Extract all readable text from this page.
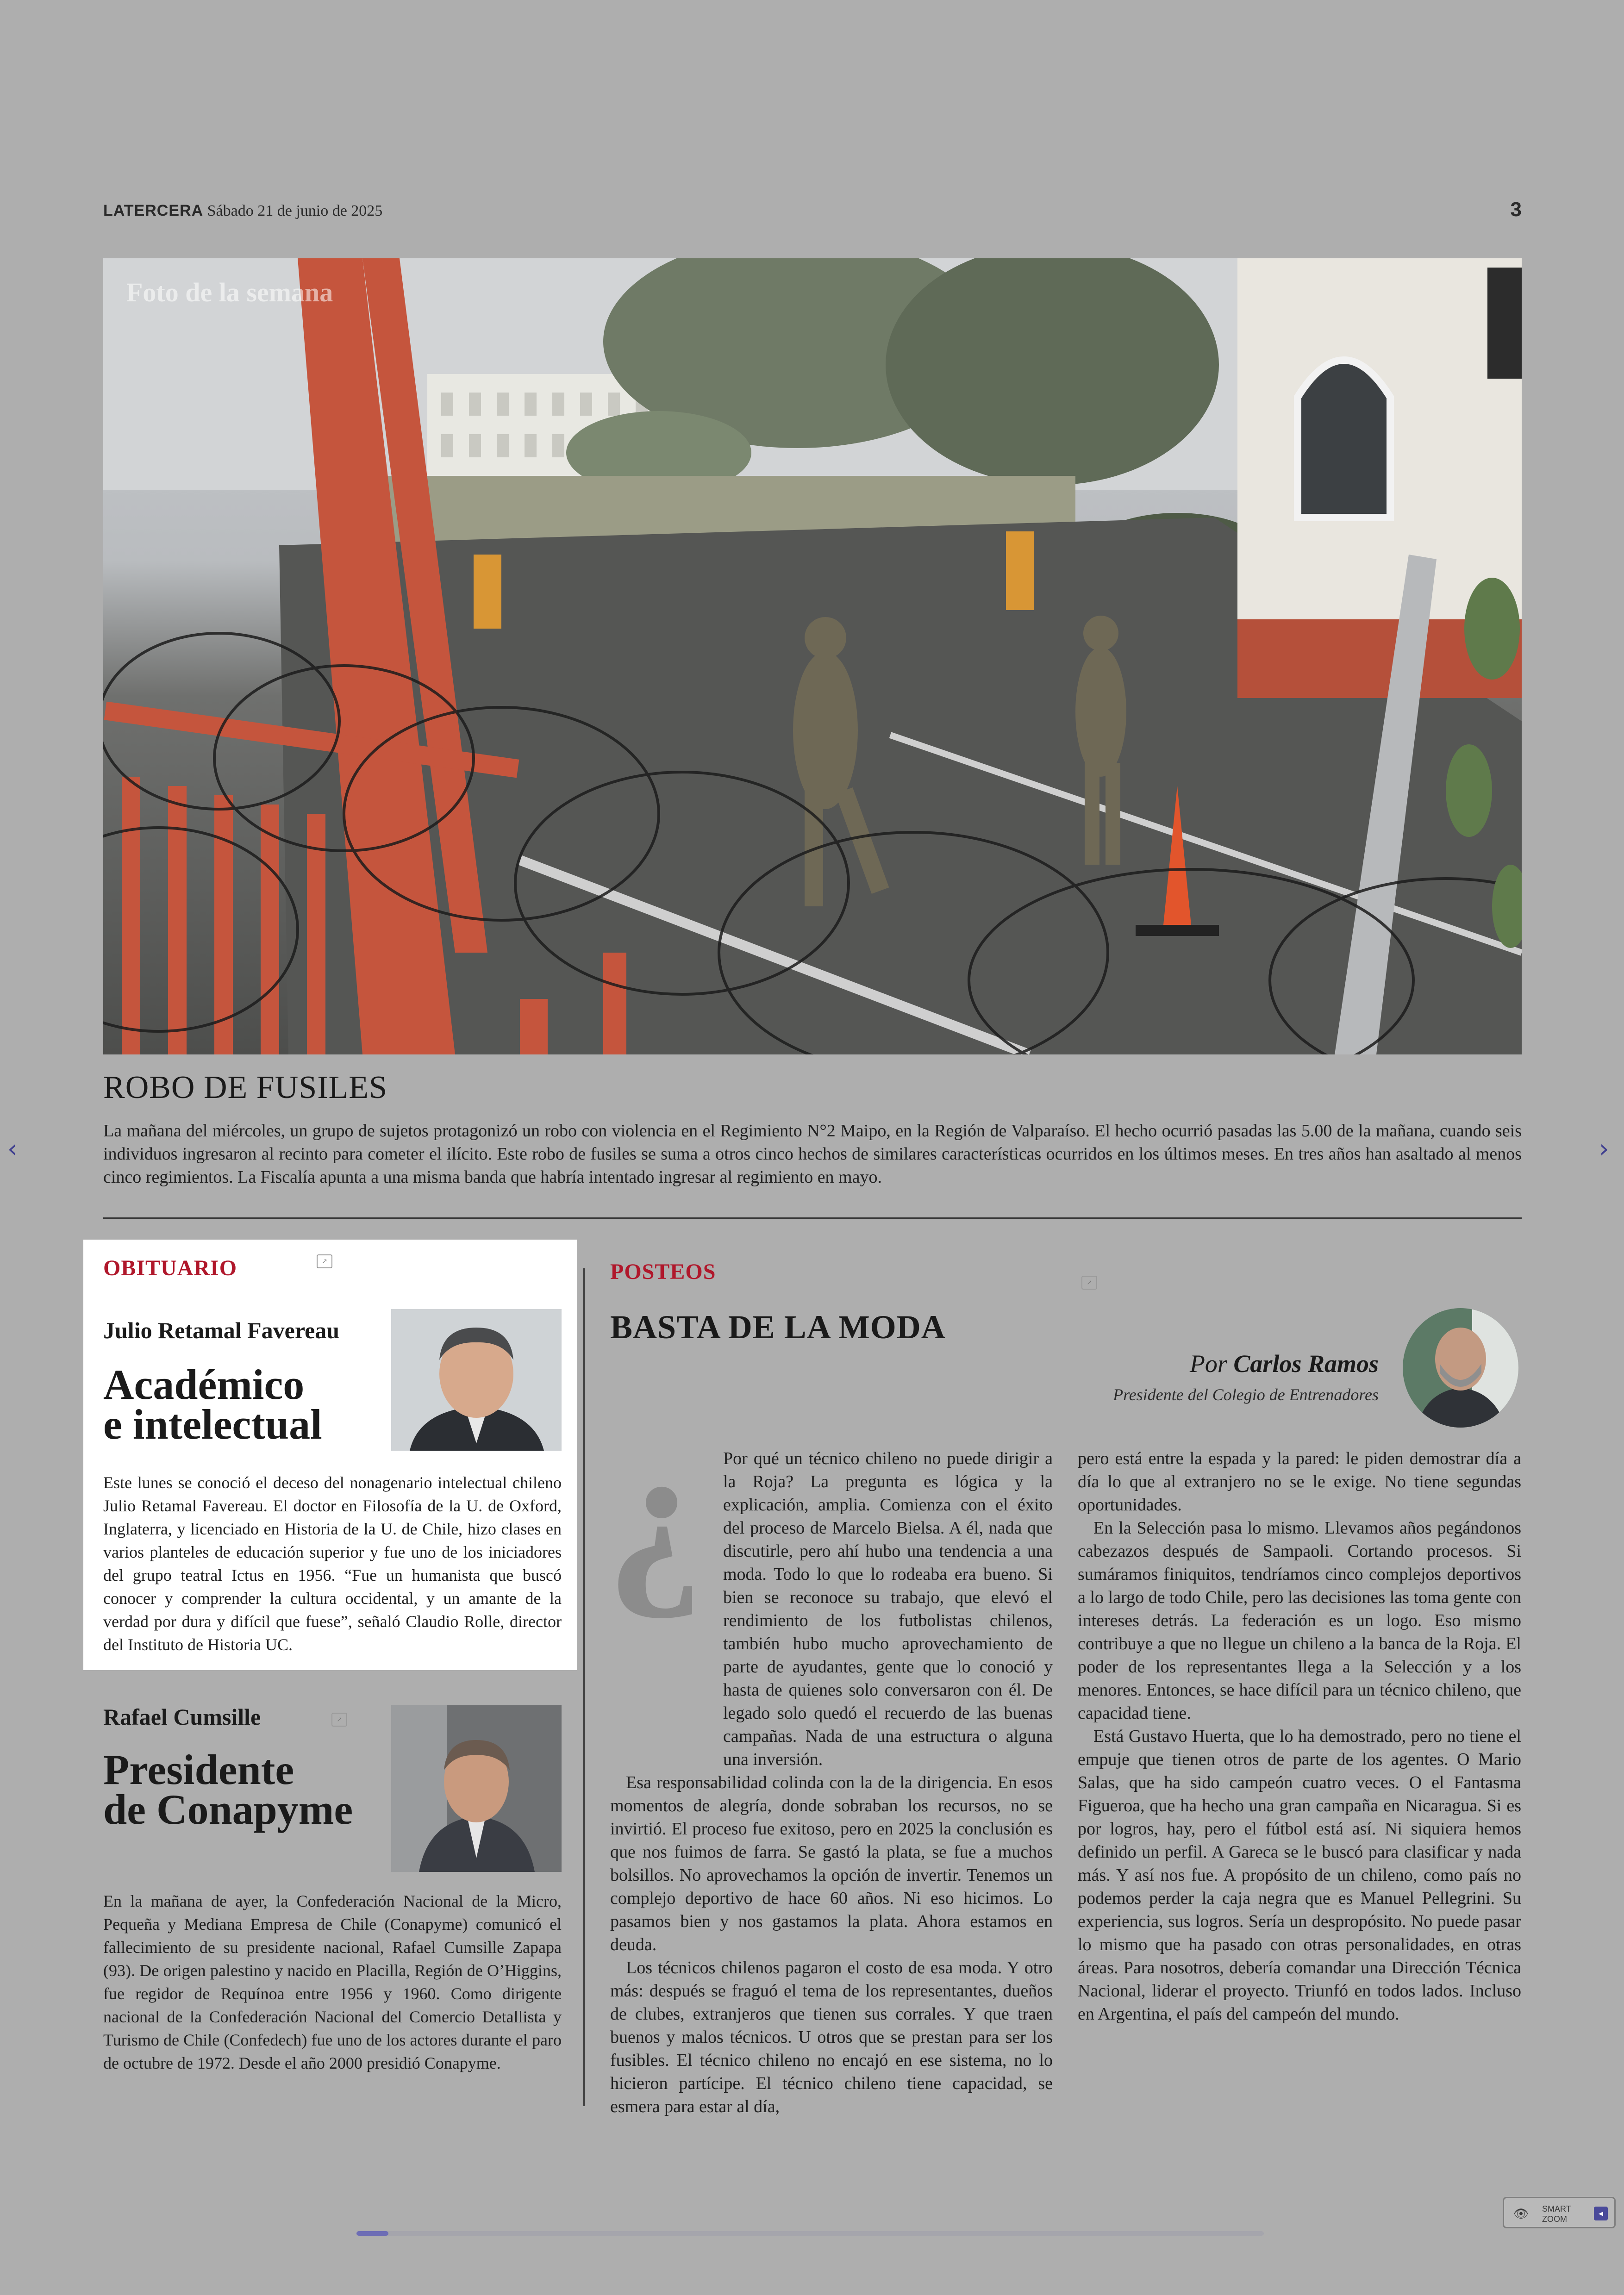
LATERCERA Sábado 21 de junio de 2025	3
Foto de la semana
ROBO DE FUSILES
La mañana del miércoles, un grupo de sujetos protagonizó un robo con violencia en el Regimiento N°2 Maipo, en la Región de Valparaíso. El hecho ocurrió pasadas las 5.00 de la mañana, cuando seis individuos ingresaron al recinto para cometer el ilícito. Este robo de fusiles se suma a otros cinco hechos de similares características ocurridos en los últimos meses. En tres años han asaltado al menos cinco regimientos. La Fiscalía apunta a una misma banda que habría intentado ingresar al regimiento en mayo.
OBITUARIO	↗
Julio Retamal Favereau
Académico
e intelectual
Este lunes se conoció el deceso del nonagenario intelectual chileno Julio Retamal Favereau. El doctor en Filosofía de la U. de Oxford, Inglaterra, y licenciado en Historia de la U. de Chile, hizo clases en varios planteles de educación superior y fue uno de los iniciadores del grupo teatral Ictus en 1956. “Fue un humanista que buscó conocer y comprender la cultura occidental, y un amante de la verdad por dura y difícil que fuese”, señaló Claudio Rolle, director del Instituto de Historia UC.
Rafael Cumsille	↗
Presidente
de Conapyme
En la mañana de ayer, la Confederación Nacional de la Micro, Pequeña y Mediana Empresa de Chile (Conapyme) comunicó el fallecimiento de su presidente nacional, Rafael Cumsille Zapapa (93). De origen palestino y nacido en Placilla, Región de O’Higgins, fue regidor de Requínoa entre 1956 y 1960. Como dirigente nacional de la Confederación Nacional del Comercio Detallista y Turismo de Chile (Confedech) fue uno de los actores durante el paro de octubre de 1972. Desde el año 2000 presidió Conapyme.
POSTEOS	↗
BASTA DE LA MODA
Por Carlos Ramos
Presidente del Colegio de Entrenadores
¿	Por qué un técnico chileno no puede dirigir a la Roja? La pregunta es lógica y la explicación, amplia. Comienza con el éxito del proceso de Marcelo Bielsa. A él, nada que discutirle, pero ahí hubo una tendencia a una moda. Todo lo que lo rodeaba era bueno. Si bien se reconoce su trabajo, que elevó el rendimiento de los futbolistas chilenos, también hubo mucho aprovechamiento de parte de ayudantes, gente que lo conoció y hasta de quienes solo conversaron con él. De legado solo quedó el recuerdo de las buenas campañas. Nada de una estructura o alguna una inversión.

Esa responsabilidad colinda con la de la dirigencia. En esos momentos de alegría, donde sobraban los recursos, no se invirtió. El proceso fue exitoso, pero en 2025 la conclusión es que nos fuimos de farra. Se gastó la plata, se fue a muchos bolsillos. No aprovechamos la opción de invertir. Tenemos un complejo deportivo de hace 60 años. Ni eso hicimos. Lo pasamos bien y nos gastamos la plata. Ahora estamos en deuda.

Los técnicos chilenos pagaron el costo de esa moda. Y otro más: después se fraguó el tema de los representantes, dueños de clubes, extranjeros que tienen sus corrales. Y que traen buenos y malos técnicos. U otros que se prestan para ser los fusibles. El técnico chileno no encajó en ese sistema, no lo hicieron partícipe. El técnico chileno tiene capacidad, se esmera para estar al día,

pero está entre la espada y la pared: le piden demostrar día a día lo que al extranjero no se le exige. No tiene segundas oportunidades.

En la Selección pasa lo mismo. Llevamos años pegándonos cabezazos después de Sampaoli. Cortando procesos. Si sumáramos finiquitos, tendríamos cinco complejos deportivos a lo largo de todo Chile, pero las decisiones las toma gente con intereses detrás. La federación es un logo. Eso mismo contribuye a que no llegue un chileno a la banca de la Roja. El poder de los representantes llega a la Selección y a los menores. Entonces, se hace difícil para un técnico chileno, que capacidad tiene.

Está Gustavo Huerta, que lo ha demostrado, pero no tiene el empuje que tienen otros de parte de los agentes. O Mario Salas, que ha sido campeón cuatro veces. O el Fantasma Figueroa, que ha hecho una gran campaña en Nicaragua. Si es por logros, hay, pero el fútbol está así. Ni siquiera hemos definido un perfil. A Gareca se le buscó para clasificar y nada más. Y así nos fue. A propósito de un chileno, como país no podemos perder la caja negra que es Manuel Pellegrini. Su experiencia, sus logros. Sería un despropósito. No puede pasar lo mismo que ha pasado con otras personalidades, en otras áreas. Para nosotros, debería comandar una Dirección Técnica Nacional, liderar el proyecto. Triunfó en todos lados. Incluso en Argentina, el país del campeón del mundo.

‹	›
👁 SMART
ZOOM
◂
